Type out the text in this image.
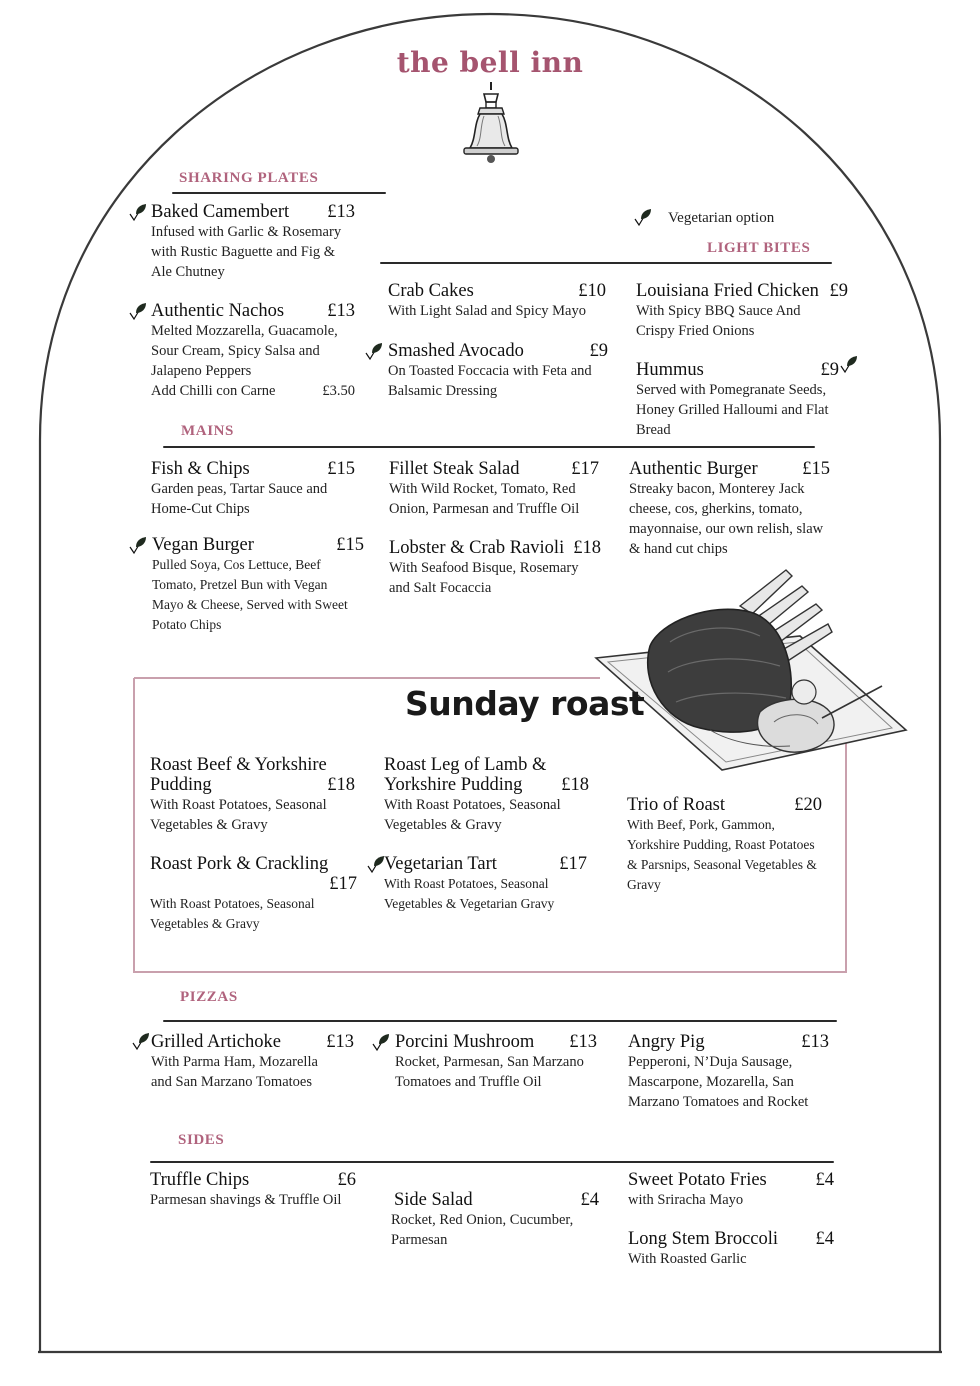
the bell inn
SHARING PLATES
Baked Camembert £13
Infused with Garlic & Rosemary
with Rustic Baguette and Fig &
Ale Chutney
Authentic Nachos £13
Melted Mozzarella, Guacamole,
Sour Cream, Spicy Salsa and
Jalapeno Peppers
Add Chilli con Carne	£3.50
Vegetarian option
LIGHT BITES
Crab Cakes	£10
With Light Salad and Spicy Mayo
Smashed Avocado	£9
On Toasted Foccacia with Feta and
Balsamic Dressing
Louisiana Fried Chicken £9
With Spicy BBQ Sauce And
Crispy Fried Onions
Hummus	£9
Served with Pomegranate Seeds,
Honey Grilled Halloumi and Flat
Bread
MAINS
Fish & Chips	£15
Garden peas, Tartar Sauce and
Home-Cut Chips
Vegan Burger	£15
Pulled Soya, Cos Lettuce, Beef
Tomato, Pretzel Bun with Vegan
Mayo & Cheese, Served with Sweet
Potato Chips
Fillet Steak Salad	£17
With Wild Rocket, Tomato, Red
Onion, Parmesan and Truffle Oil
Lobster & Crab Ravioli £18
With Seafood Bisque, Rosemary
and Salt Focaccia
Authentic Burger £15
Streaky bacon, Monterey Jack
cheese, cos, gherkins, tomato,
mayonnaise, our own relish, slaw
& hand cut chips
Sunday roast
Roast Beef & Yorkshire
Pudding	£18
With Roast Potatoes, Seasonal
Vegetables & Gravy
Roast Leg of Lamb &
Yorkshire Pudding £18
With Roast Potatoes, Seasonal
Vegetables & Gravy
Trio of Roast	£20
With Beef, Pork, Gammon,
Yorkshire Pudding, Roast Potatoes
& Parsnips, Seasonal Vegetables &
Gravy
Roast Pork & Crackling
£17
With Roast Potatoes, Seasonal
Vegetables & Gravy
Vegetarian Tart	£17
With Roast Potatoes, Seasonal
Vegetables & Vegetarian Gravy
PIZZAS
Grilled Artichoke £13
With Parma Ham, Mozarella
and San Marzano Tomatoes
Porcini Mushroom £13
Rocket, Parmesan, San Marzano
Tomatoes and Truffle Oil
Angry Pig	£13
Pepperoni, N’Duja Sausage,
Mascarpone, Mozarella, San
Marzano Tomatoes and Rocket
SIDES
Truffle Chips	£6
Parmesan shavings & Truffle Oil	Side Salad	£4
Rocket, Red Onion, Cucumber,
Parmesan
Sweet Potato Fries	£4
with Sriracha Mayo
Long Stem Broccoli £4
With Roasted Garlic
